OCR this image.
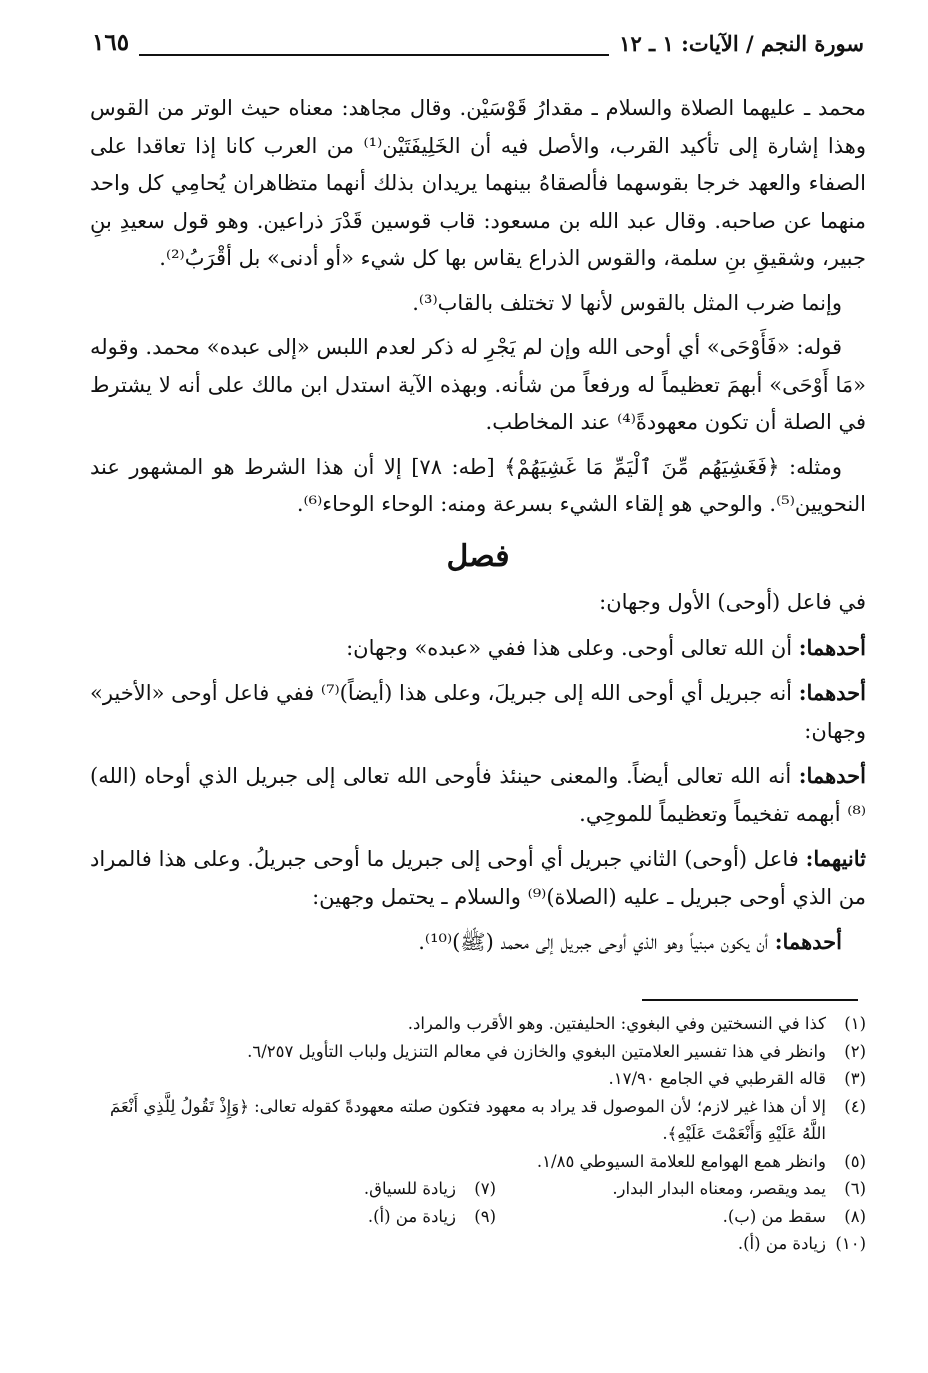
سورة النجم / الآيات: ١ ـ ١٢
١٦٥

محمد ـ عليهما الصلاة والسلام ـ مقدارُ قَوْسَيْن. وقال مجاهد: معناه حيث الوتر من القوس وهذا إشارة إلى تأكيد القرب، والأصل فيه أن الخَلِيفَتَيْن⁽¹⁾ من العرب كانا إذا تعاقدا على الصفاء والعهد خرجا بقوسهما فألصقاهُ بينهما يريدان بذلك أنهما متظاهران يُحامِي كل واحد منهما عن صاحبه. وقال عبد الله بن مسعود: قاب قوسين قَدْرَ ذراعين. وهو قول سعيدِ بنِ جبير، وشقيقِ بنِ سلمة، والقوس الذراع يقاس بها كل شيء «أو أدنى» بل أقْرَبُ⁽²⁾.

وإنما ضرب المثل بالقوس لأنها لا تختلف بالقاب⁽³⁾.

قوله: «فَأَوْحَى» أي أوحى الله وإن لم يَجْرِ له ذكر لعدم اللبس «إلى عبده» محمد. وقوله «مَا أَوْحَى» أبهمَ تعظيماً له ورفعاً من شأنه. وبهذه الآية استدل ابن مالك على أنه لا يشترط في الصلة أن تكون معهودةً⁽⁴⁾ عند المخاطب.

ومثله: ﴿فَغَشِيَهُم مِّنَ ٱلْيَمِّ مَا غَشِيَهُمْ﴾ [طه: ٧٨] إلا أن هذا الشرط هو المشهور عند النحويين⁽⁵⁾. والوحي هو إلقاء الشيء بسرعة ومنه: الوحاء الوحاء⁽⁶⁾.

فصل

في فاعل (أوحى) الأول وجهان:

أحدهما: أن الله تعالى أوحى. وعلى هذا ففي «عبده» وجهان:

أحدهما: أنه جبريل أي أوحى الله إلى جبريلَ، وعلى هذا (أيضاً)⁽⁷⁾ ففي فاعل أوحى «الأخير» وجهان:

أحدهما: أنه الله تعالى أيضاً. والمعنى حينئذ فأوحى الله تعالى إلى جبريل الذي أوحاه (الله)⁽⁸⁾ أبهمه تفخيماً وتعظيماً للموحِي.

ثانيهما: فاعل (أوحى) الثاني جبريل أي أوحى إلى جبريل ما أوحى جبريلُ. وعلى هذا فالمراد من الذي أوحى جبريل ـ عليه (الصلاة)⁽⁹⁾ والسلام ـ يحتمل وجهين:

أحدهما: أن يكون مبنياً وهو الذي أوحى جبريل إلى محمد (ﷺ)⁽¹⁰⁾.

(١)
كذا في النسختين وفي البغوي: الحليفتين. وهو الأقرب والمراد.
(٢)
وانظر في هذا تفسير العلامتين البغوي والخازن في معالم التنزيل ولباب التأويل ٦/٢٥٧.
(٣)
قاله القرطبي في الجامع ١٧/٩٠.
(٤)
إلا أن هذا غير لازم؛ لأن الموصول قد يراد به معهود فتكون صلته معهودةً كقوله تعالى: ﴿وَإِذْ تَقُولُ لِلَّذِي أَنْعَمَ اللَّهُ عَلَيْهِ وَأَنْعَمْتَ عَلَيْهِ﴾.
(٥)
وانظر همع الهوامع للعلامة السيوطي ١/٨٥.
(٦)
يمد ويقصر، ومعناه البدار البدار.
(٧)
زيادة للسياق.
(٨)
سقط من (ب).
(٩)
زيادة من (أ).
(١٠)
زيادة من (أ).
